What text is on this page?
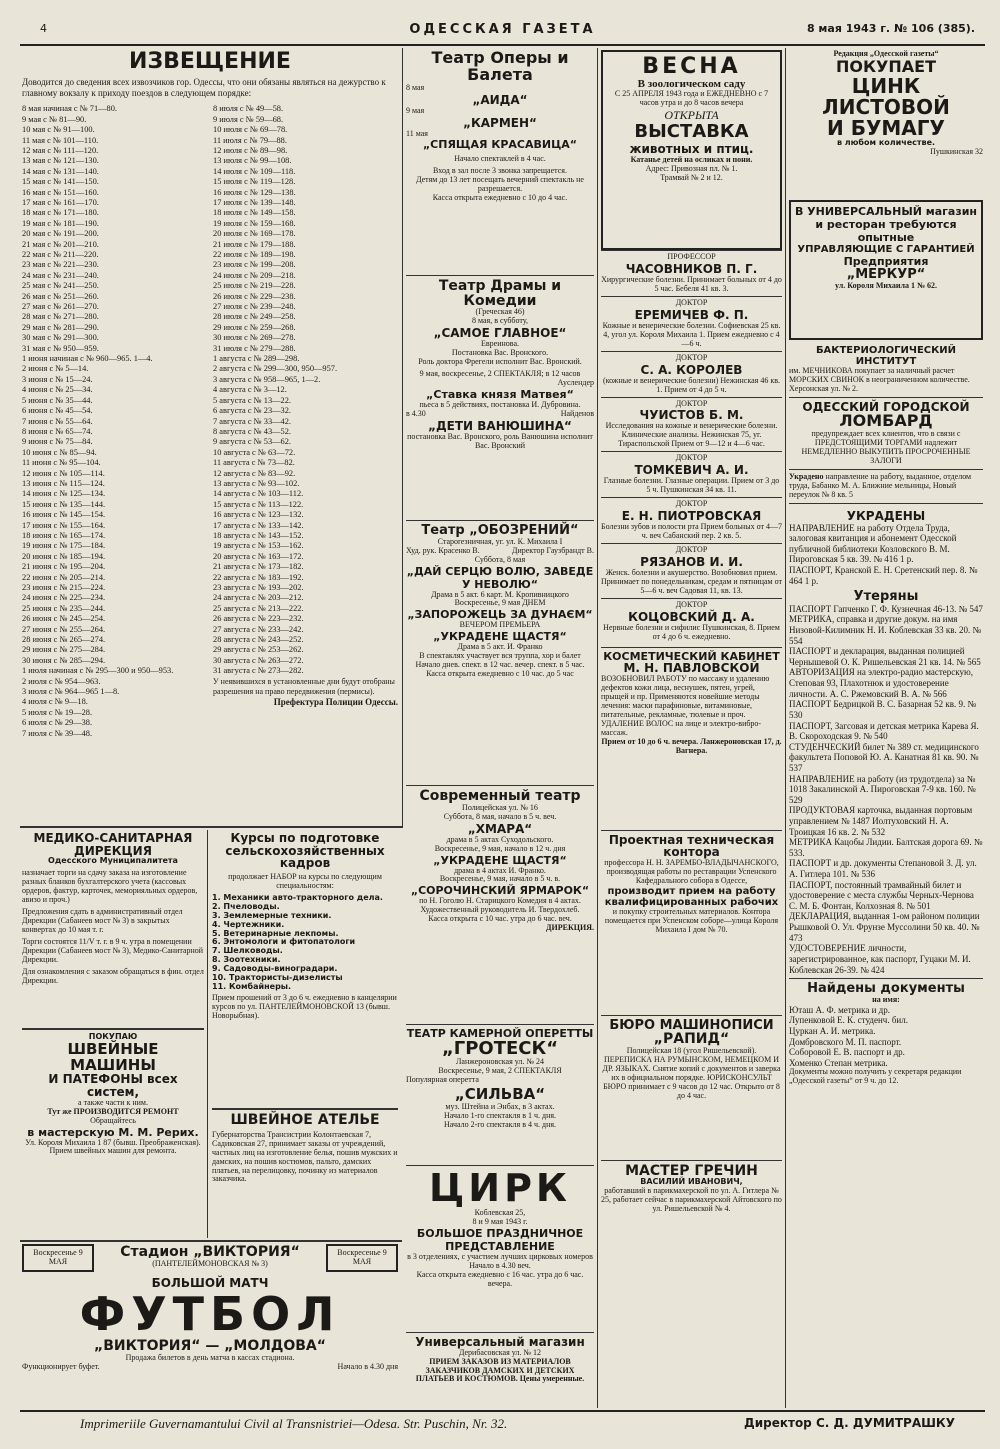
4	ОДЕССКАЯ ГАЗЕТА	8 мая 1943 г. № 106 (385).
ИЗВЕЩЕНИЕ

Доводится до сведения всех извозчиков гор. Одессы, что они обязаны являться на дежурство к главному вокзалу к приходу поездов в следующем порядке:

8 мая начиная с № 71—80.

9 мая с № 81—90.

10 мая с № 91—100.

11 мая с № 101—110.

12 мая с № 111—120.

13 мая с № 121—130.

14 мая с № 131—140.

15 мая с № 141—150.

16 мая с № 151—160.

17 мая с № 161—170.

18 мая с № 171—180.

19 мая с № 181—190.

20 мая с № 191—200.

21 мая с № 201—210.

22 мая с № 211—220.

23 мая с № 221—230.

24 мая с № 231—240.

25 мая с № 241—250.

26 мая с № 251—260.

27 мая с № 261—270.

28 мая с № 271—280.

29 мая с № 281—290.

30 мая с № 291—300.

31 мая с № 950—959.

1 июня начиная с № 960—965. 1—4.

2 июня с № 5—14.

3 июня с № 15—24.

4 июня с № 25—34.

5 июня с № 35—44.

6 июня с № 45—54.

7 июня с № 55—64.

8 июня с № 65—74.

9 июня с № 75—84.

10 июня с № 85—94.

11 июня с № 95—104.

12 июня с № 105—114.

13 июня с № 115—124.

14 июня с № 125—134.

15 июня с № 135—144.

16 июня с № 145—154.

17 июня с № 155—164.

18 июня с № 165—174.

19 июня с № 175—184.

20 июня с № 185—194.

21 июня с № 195—204.

22 июня с № 205—214.

23 июня с № 215—224.

24 июня с № 225—234.

25 июня с № 235—244.

26 июня с № 245—254.

27 июня с № 255—264.

28 июня с № 265—274.

29 июня с № 275—284.

30 июня с № 285—294.

1 июля начиная с № 295—300 и 950—953.

2 июля с № 954—963.

3 июля с № 964—965 1—8.

4 июля с № 9—18.

5 июля с № 19—28.

6 июля с № 29—38.

7 июля с № 39—48.

8 июля с № 49—58.

9 июля с № 59—68.

10 июля с № 69—78.

11 июля с № 79—88.

12 июля с № 89—98.

13 июля с № 99—108.

14 июля с № 109—118.

15 июля с № 119—128.

16 июля с № 129—138.

17 июля с № 139—148.

18 июля с № 149—158.

19 июля с № 159—168.

20 июля с № 169—178.

21 июля с № 179—188.

22 июля с № 189—198.

23 июля с № 199—208.

24 июля с № 209—218.

25 июля с № 219—228.

26 июля с № 229—238.

27 июля с № 239—248.

28 июля с № 249—258.

29 июля с № 259—268.

30 июля с № 269—278.

31 июля с № 279—288.

1 августа с № 289—298.

2 августа с № 299—300, 950—957.

3 августа с № 958—965, 1—2.

4 августа с № 3—12.

5 августа с № 13—22.

6 августа с № 23—32.

7 августа с № 33—42.

8 августа с № 43—52.

9 августа с № 53—62.

10 августа с № 63—72.

11 августа с № 73—82.

12 августа с № 83—92.

13 августа с № 93—102.

14 августа с № 103—112.

15 августа с № 113—122.

16 августа с № 123—132.

17 августа с № 133—142.

18 августа с № 143—152.

19 августа с № 153—162.

20 августа с № 163—172.

21 августа с № 173—182.

22 августа с № 183—192.

23 августа с № 193—202.

24 августа с № 203—212.

25 августа с № 213—222.

26 августа с № 223—232.

27 августа с № 233—242.

28 августа с № 243—252.

29 августа с № 253—262.

30 августа с № 263—272.

31 августа с № 273—282.

У неявившихся в установленные дни будут отобраны разрешения на право передвижения (пермисы).

Префектура Полиции Одессы.

МЕДИКО-САНИТАРНАЯ ДИРЕКЦИЯ
Одесского Муниципалитета

назначает торги на сдачу заказа на изготовление разных бланков бухгалтерского учета (кассовых ордеров, фактур, карточек, меморияльных ордеров, авизо и проч.)

Предложения сдать в административный отдел Дирекции (Сабанеев мост № 3) в закрытых конвертах до 10 мая т. г.

Торги состоятся 11/V т. г. в 9 ч. утра в помещении Дирекции (Сабанеев мост № 3), Медико-Санитарной Дирекции.

Для ознакомления с заказом обращаться в фин. отдел Дирекции.

ПОКУПАЮ
ШВЕЙНЫЕ МАШИНЫ
И ПАТЕФОНЫ всех систем,
а также части к ним.
Тут же ПРОИЗВОДИТСЯ РЕМОНТ
Обращайтесь
в мастерскую М. М. Рерих.

Ул. Короля Михаила 1 87 (бывш. Преображенская). Прием швейных машин для ремонта.

Курсы по подготовке сельскохозяйственных кадров

продолжает НАБОР на курсы по следующим специальностям:

1. Механики авто-тракторного дела.

2. Пчеловоды.

3. Землемерные техники.

4. Чертежники.

5. Ветеринарные лекпомы.

6. Энтомологи и фитопатологи

7. Шелководы.

8. Зоотехники.

9. Садоводы-виноградари.

10. Трактористы-дизелисты

11. Комбайнеры.

Прием прошений от 3 до 6 ч. ежедневно в канцелярии курсов по ул. ПАНТЕЛЕЙМОНОВСКОЙ 13 (бывш. Новорыбная).

ШВЕЙНОЕ АТЕЛЬЕ

Губернаторства Трансистрии Колонтаевская 7, Садиковская 27, принимает заказы от учреждений, частных лиц на изготовление белья, пошив мужских и дамских, на пошив костюмов, пальто, дамских платьев, на перелицовку, починку из материалов заказчика.

Воскресенье 9 МАЯ
Стадион „ВИКТОРИЯ“
(ПАНТЕЛЕЙМОНОВСКАЯ № 3)
Воскресенье 9 МАЯ
БОЛЬШОЙ МАТЧ
ФУТБОЛ
„ВИКТОРИЯ“ — „МОЛДОВА“
Продажа билетов в день матча в кассах стадиона.
Функционирует буфет.	Начало в 4.30 дня
Театр Оперы и Балета
8 мая
„АИДА“
9 мая
„КАРМЕН“
11 мая
„СПЯЩАЯ КРАСАВИЦА“
Начало спектаклей в 4 час.

Вход в зал после 3 звонка запрещается.

Детям до 13 лет посещать вечерний спектакль не разрешается.

Касса открыта ежедневно с 10 до 4 час.

Театр Драмы и Комедии
(Греческая 46)
8 мая, в субботу,
„САМОЕ ГЛАВНОЕ“
Евреинова.
Постановка Вас. Вронского.

Роль доктора Фрегели исполнит Вас. Вронский.

9 мая, воскресенье, 2 СПЕКТАКЛЯ; в 12 часов

Ауслендер
„Ставка князя Матвея“

пьеса в 5 действиях, постановка И. Дубровина.

в 4.30	Найденов
„ДЕТИ ВАНЮШИНА“

постановка Вас. Вронского, роль Ванюшина исполнит Вас. Вронский

Театр „ОБОЗРЕНИЙ“
Староrезничная, уг. ул. К. Михаила I
Худ. рук. Красенко В.	Директор Гаузбрандт В.
Суббота, 8 мая
„ДАЙ СЕРЦЮ ВОЛЮ, ЗАВЕДЕ У НЕВОЛЮ“
Драма в 5 акт. 6 карт. М. Кропивницкого
Воскресенье, 9 мая ДНЕМ
„ЗАПОРОЖЕЦЬ ЗА ДУНАЄМ“
ВЕЧЕРОМ ПРЕМЬЕРА
„УКРАДЕНЕ ЩАСТЯ“
Драма в 5 акт. И. Франко

В спектаклях участвует вся труппа, хор и балет

Начало днев. спект. в 12 час. вечер. спект. в 5 час.

Касса открыта ежедневно с 10 час. до 5 час

Современный театр
Полицейская ул. № 16
Суббота, 8 мая, начало в 5 ч. веч.
„ХМАРА“
драма в 5 актах Суходольского.
Воскресенье, 9 мая, начало в 12 ч. дня
„УКРАДЕНЕ ЩАСТЯ“
драма в 4 актах И. Франко.
Воскресенье, 9 мая, начало в 5 ч. в.
„СОРОЧИНСКИЙ ЯРМАРОК“

по Н. Гоголю Н. Старицкого Комедия в 4 актах.

Художественный руководитель И. Твердохлеб.

Касса открыта с 10 час. утра до 6 час. веч.

ДИРЕКЦИЯ.
ТЕАТР КАМЕРНОЙ ОПЕРЕТТЫ
„ГРОТЕСК“
Ланжероновская ул. № 24
Воскресенье, 9 мая, 2 СПЕКТАКЛЯ
Популярная оперетта
„СИЛЬВА“
муз. Штейна и Энбах, в 3 актах.
Начало 1-го спектакля в 1 ч. дня.
Начало 2-го спектакля в 4 ч. дня.
ЦИРК
Коблевская 25,
8 и 9 мая 1943 г.
БОЛЬШОЕ ПРАЗДНИЧНОЕ ПРЕДСТАВЛЕНИЕ
в 3 отделениях, с участием лучших цирковых номеров
Начало в 4.30 веч.
Касса открыта ежедневно с 16 час. утра до 6 час. вечера.
Универсальный магазин
Дерибасовская ул. № 12

ПРИЕМ ЗАКАЗОВ ИЗ МАТЕРИАЛОВ ЗАКАЗЧИКОВ ДАМСКИХ И ДЕТСКИХ ПЛАТЬЕВ И КОСТЮМОВ. Цены умеренные.

ВЕСНА
В зоологическом саду

С 25 АПРЕЛЯ 1943 года и ЕЖЕДНЕВНО с 7 часов утра и до 8 часов вечера

ОТКРЫТА
ВЫСТАВКА
животных и птиц.
Катанье детей на осликах и пони.
Адрес: Привозная пл. № 1.
Трамвай № 2 и 12.
ПРОФЕССОР
ЧАСОВНИКОВ П. Г.

Хирургические болезни. Принимает больных от 4 до 5 час. Бебеля 41 кв. 3.

ДОКТОР
ЕРЕМИЧЕВ Ф. П.

Кожные и венерические болезни. Софиевская 25 кв. 4, угол ул. Короля Михаила 1. Прием ежедневно с 4—6 ч.

ДОКТОР
С. А. КОРОЛЕВ

(кожные и венерические болезни) Нежинская 46 кв. 1. Прием от 4 до 5 ч.

ДОКТОР
ЧУИСТОВ Б. М.

Исследования на кожные и венерические болезни. Клинические анализы. Нежинская 75, уг. Тираспольской Прием от 9—12 и 4—6 час.

ДОКТОР
ТОМКЕВИЧ А. И.

Глазные болезни. Глазные операции. Прием от 3 до 5 ч. Пушкинская 34 кв. 11.

ДОКТОР
Е. Н. ПИОТРОВСКАЯ

Болезни зубов и полости рта Прием больных от 4—7 ч. веч Сабанский пер. 2 кв. 5.

ДОКТОР
РЯЗАНОВ И. И.

Женск. болезни и акушерство. Возобновил прием. Принимает по понедельникам, средам и пятницам от 5—6 ч. веч Садовая 11, кв. 13.

ДОКТОР
КОЦОВСКИЙ Д. А.

Нервные болезни и сифилис Пушкинская, 8. Прием от 4 до 6 ч. ежедневно.

КОСМЕТИЧЕСКИЙ КАБИНЕТ
М. Н. ПАВЛОВСКОЙ

ВОЗОБНОВИЛ РАБОТУ по массажу и удалению дефектов кожи лица, веснушек, пятен, угрей, прыщей и пр. Применяются новейшие методы лечения: маски парафиновые, витаминовые, питательные, рекламные, тюлевые и проч. УДАЛЕНИЕ ВОЛОС на лице и электро-вибро-массаж.

Прием от 10 до 6 ч. вечера. Ланжероновская 17, д. Вагнера.

Проектная техническая контора

профессора Н. Н. ЗАРЕМБО-ВЛАДЫЧАНСКОГО, производящая работы по реставрации Успенского Кафедрального собора в Одессе,

производит прием на работу квалифицированных рабочих

и покупку строительных материалов. Контора помещается при Успенском соборе—улица Короля Михаила I дом № 70.

БЮРО МАШИНОПИСИ
„РАПИД“
Полицейская 18 (угол Ришельевской).

ПЕРЕПИСКА НА РУМЫНСКОМ, НЕМЕЦКОМ И ДР. ЯЗЫКАХ. Снятие копий с документов и заверка их в официальном порядке. ЮРИСКОНСУЛЬТ БЮРО принимает с 9 часов до 12 час. Открыто от 8 до 4 час.

МАСТЕР ГРЕЧИН
ВАСИЛИЙ ИВАНОВИЧ,

работавший в парикмахерской по ул. А. Гитлера № 25, работает сейчас в парикмахерской Айтовского по ул. Ришельевской № 4.

Редакция „Одесской газеты“
ПОКУПАЕТ
ЦИНК ЛИСТОВОЙ
И БУМАГУ
в любом количестве.
Пушкинская 32

В УНИВЕРСАЛЬНЫЙ магазин и ресторан требуются опытные

УПРАВЛЯЮЩИЕ С ГАРАНТИЕЙ
Предприятия
„МЕРКУР“
ул. Короля Михаила 1 № 62.
БАКТЕРИОЛОГИЧЕСКИЙ ИНСТИТУТ

им. МЕЧНИКОВА покупает за наличный расчет МОРСКИХ СВИНОК в неограниченном количестве. Херсонская ул. № 2.

ОДЕССКИЙ ГОРОДСКОЙ
ЛОМБАРД

предупреждает всех клиентов, что в связи с ПРЕДСТОЯЩИМИ ТОРГАМИ надлежит НЕМЕДЛЕННО ВЫКУПИТЬ ПРОСРОЧЕННЫЕ ЗАЛОГИ

Украдено направление на работу, выданное, отделом труда, Бабанко М. А. Ближние мельницы, Новый переулок № 8 кв. 5

УКРАДЕНЫ

НАПРАВЛЕНИЕ на работу Отдела Труда, залоговая квитанция и абонемент Одесской публичной библиотеки Козловского В. М. Пироговская 5 кв. 39. № 416 1 р.

ПАСПОРТ, Кранской Е. Н. Сретенский пер. 8. № 464 1 р.

Утеряны

ПАСПОРТ Гапченко Г. Ф. Кузнечная 46-13. № 547

МЕТРИКА, справка и другие докум. на имя Низовой-Килимник Н. И. Коблевская 33 кв. 20. № 554

ПАСПОРТ и декларация, выданная полицией Чернышевой О. К. Ришельевская 21 кв. 14. № 565

АВТОРИЗАЦИЯ на электро-радио мастерскую, Степовая 93, Плахотнюк и удостоверение личности. А. С. Ржемовский В. А. № 566

ПАСПОРТ Бедрицкой В. С. Базарная 52 кв. 9. № 530

ПАСПОРТ, Загсовая и детская метрика Карева Я. В. Скороходская 9. № 540

СТУДЕНЧЕСКИЙ билет № 389 ст. медицинского факультета Поповой Ю. А. Канатная 81 кв. 90. № 537

НАПРАВЛЕНИЕ на работу (из трудотдела) за № 1018 Закалинской А. Пироговская 7-9 кв. 160. № 529

ПРОДУКТОВАЯ карточка, выданная портовым управлением № 1487 Иолтуховский Н. А. Троицкая 16 кв. 2. № 532

МЕТРИКА Кацобы Лидии. Балтская дорога 69. № 533.

ПАСПОРТ и др. документы Степановой З. Д. ул. А. Гитлера 101. № 536

ПАСПОРТ, постоянный трамвайный билет и удостоверение с места службы Черных-Чернова С. М. Б. Фонтан, Колхозная 8. № 501

ДЕКЛАРАЦИЯ, выданная 1-ом районом полиции Рышковой О. Ул. Фрунзе Муссолини 50 кв. 40. № 473

УДОСТОВЕРЕНИЕ личности, зарегистрированное, как паспорт, Гуцаки М. И. Коблевская 26-39. № 424

Найдены документы
на имя:

Юташ А. Ф. метрика и др.

Лупенковой Е. К. студенч. бил.

Цуркан А. И. метрика.

Домбровского М. П. паспорт.

Соборовой Е. В. паспорт и др.

Хоменко Степан метрика.

Документы можно получить у секретаря редакции „Одесской газеты“ от 9 ч. до 12.

Imprimeriile Guvernamantului Civil al Transnistriei—Odesa. Str. Puschin, Nr. 32.	Директор С. Д. ДУМИТРАШКУ
